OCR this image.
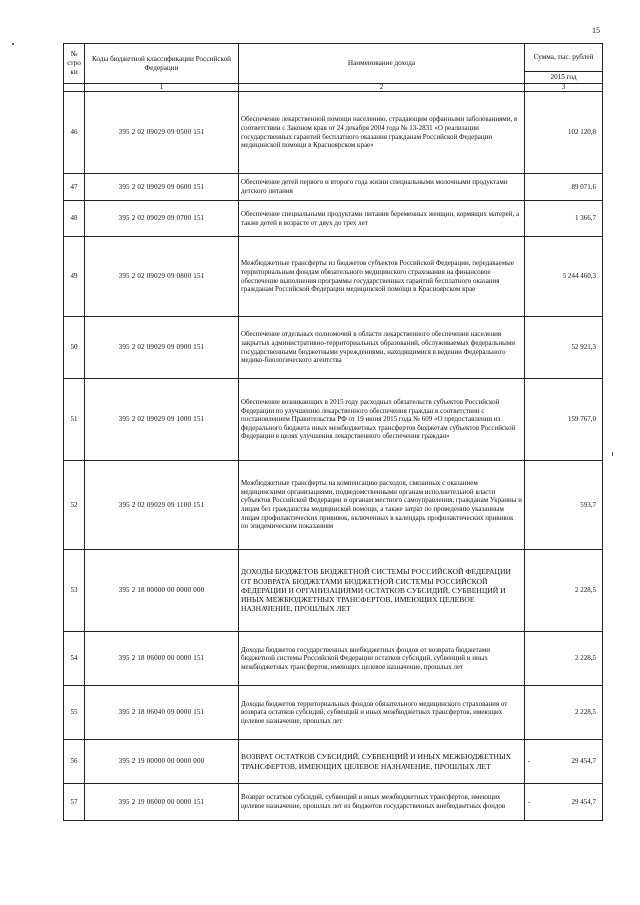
15
№ стро ки	Коды бюджетной классификации Российской Федерации	Наименование дохода	Сумма, тыс. рублей
			2015 год
	1	2	3
46	395 2 02 09029 09 0500 151	Обеспечение лекарственной помощи населению, страдающим орфанными заболеваниями, в соответствии с Законом края от 24 декабря 2004 года № 13-2831 «О реализации государственных гарантий бесплатного оказания гражданам Российской Федерации медицинской помощи в Красноярском крае»	102 120,8
47	395 2 02 09029 09 0600 151	Обеспечение детей первого и второго года жизни специальными молочными продуктами детского питания	89 071,6
48	395 2 02 09029 09 0700 151	Обеспечение специальными продуктами питания беременных женщин, кормящих матерей, а также детей в возрасте от двух до трех лет	1 366,7
49	395 2 02 09029 09 0800 151	Межбюджетные трансферты из бюджетов субъектов Российской Федерации, передаваемые территориальным фондам обязательного медицинского страхования на финансовое обеспечение выполнения программы государственных гарантий бесплатного оказания гражданам Российской Федерации медицинской помощи в Красноярском крае	5 244 460,3
50	395 2 02 09029 09 0900 151	Обеспечение отдельных полномочий в области лекарственного обеспечения населения закрытых административно-территориальных образований, обслуживаемых федеральными государственными бюджетными учреждениями, находящимися в ведении Федерального медико-биологического агентства	52 921,3
51	395 2 02 09029 09 1000 151	Обеспечение возникающих в 2015 году расходных обязательств субъектов Российской Федерации по улучшению лекарственного обеспечения граждан в соответствии с постановлением Правительства РФ от 19 июня 2015 года № 609 «О предоставлении из федерального бюджета иных межбюджетных трансфертов бюджетам субъектов Российской Федерации в целях улучшения лекарственного обеспечения граждан»	159 767,0
52	395 2 02 09029 09 1100 151	Межбюджетные трансферты на компенсацию расходов, связанных с оказанием медицинскими организациями, подведомственными органам исполнительной власти субъектов Российской Федерации и органам местного самоуправления, гражданам Украины и лицам без гражданства медицинской помощи, а также затрат по проведению указанным лицам профилактических прививок, включенных в календарь профилактических прививок по эпидемическим показаниям	593,7
53	395 2 18 00000 00 0000 000	ДОХОДЫ БЮДЖЕТОВ БЮДЖЕТНОЙ СИСТЕМЫ РОССИЙСКОЙ ФЕДЕРАЦИИ ОТ ВОЗВРАТА БЮДЖЕТАМИ БЮДЖЕТНОЙ СИСТЕМЫ РОССИЙСКОЙ ФЕДЕРАЦИИ И ОРГАНИЗАЦИЯМИ ОСТАТКОВ СУБСИДИЙ, СУБВЕНЦИЙ И ИНЫХ МЕЖБЮДЖЕТНЫХ ТРАНСФЕРТОВ, ИМЕЮЩИХ ЦЕЛЕВОЕ НАЗНАЧЕНИЕ, ПРОШЛЫХ ЛЕТ	2 228,5
54	395 2 18 06000 00 0000 151	Доходы бюджетов государственных внебюджетных фондов от возврата бюджетами бюджетной системы Российской Федерации остатков субсидий, субвенций и иных межбюджетных трансфертов, имеющих целевое назначение, прошлых лет	2 228,5
55	395 2 18 06040 09 0000 151	Доходы бюджетов территориальных фондов обязательного медицинского страхования от возврата остатков субсидий, субвенций и иных межбюджетных трансфертов, имеющих целевое назначение, прошлых лет	2 228,5
56	395 2 19 00000 00 0000 000	ВОЗВРАТ ОСТАТКОВ СУБСИДИЙ, СУБВЕНЦИЙ И ИНЫХ МЕЖБЮДЖЕТНЫХ ТРАНСФЕРТОВ, ИМЕЮЩИХ ЦЕЛЕВОЕ НАЗНАЧЕНИЕ, ПРОШЛЫХ ЛЕТ	- 29 454,7
57	395 2 19 06000 00 0000 151	Возврат остатков субсидий, субвенций и иных межбюджетных трансфертов, имеющих целевое назначение, прошлых лет из бюджетов государственных внебюджетных фондов	- 29 454,7
